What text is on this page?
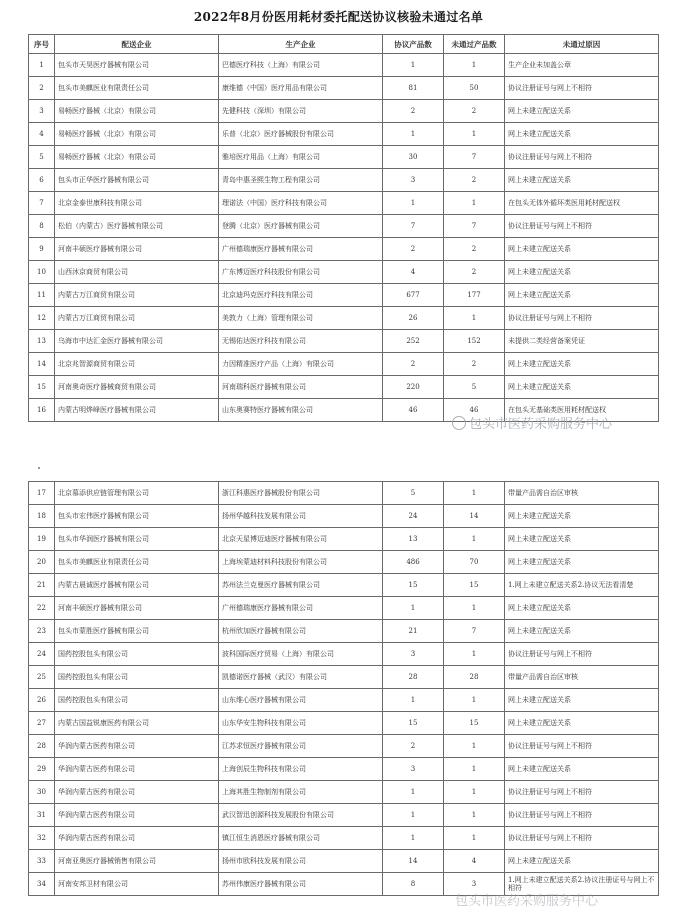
2022年8月份医用耗材委托配送协议核验未通过名单
序号	配送企业	生产企业	协议产品数	未通过产品数	未通过原因
1	包头市天昊医疗器械有限公司	巴德医疗科技（上海）有限公司	1	1	生产企业未加盖公章
2	包头市美麒医业有限责任公司	康维德（中国）医疗用品有限公司	81	50	协议注册证号与网上不相符
3	易畅医疗器械（北京）有限公司	先健科技（深圳）有限公司	2	2	网上未建立配送关系
4	易畅医疗器械（北京）有限公司	乐普（北京）医疗器械股份有限公司	1	1	网上未建立配送关系
5	易畅医疗器械（北京）有限公司	雅培医疗用品（上海）有限公司	30	7	协议注册证号与网上不相符
6	包头市正华医疗器械有限公司	青岛中惠圣熙生物工程有限公司	3	2	网上未建立配送关系
7	北京金泰世康科技有限公司	理诺法（中国）医疗科技有限公司	1	1	在包头无体外循环类医用耗材配送权
8	松伯（内蒙古）医疗器械有限公司	登腾（北京）医疗器械有限公司	7	7	协议注册证号与网上不相符
9	河南丰硕医疗器械有限公司	广州德瑞康医疗器械有限公司	2	2	网上未建立配送关系
10	山西沐京商贸有限公司	广东博迈医疗科技股份有限公司	4	2	网上未建立配送关系
11	内蒙古万江商贸有限公司	北京迪玛克医疗科技有限公司	677	177	网上未建立配送关系
12	内蒙古万江商贸有限公司	美敦力（上海）管理有限公司	26	1	协议注册证号与网上不相符
13	乌海市中达汇金医疗器械有限公司	无锡佑达医疗科技有限公司	252	152	未提供二类经营备案凭证
14	北京兆智源商贸有限公司	力因精准医疗产品（上海）有限公司	2	2	网上未建立配送关系
15	河南奥奇医疗器械商贸有限公司	河南瑞科医疗器械有限公司	220	5	网上未建立配送关系
16	内蒙古明烨峰医疗器械有限公司	山东奥赛特医疗器械有限公司	46	46	在包头无基础类医用耗材配送权
包头市医药采购服务中心
17	北京慕添供应链管理有限公司	浙江科惠医疗器械股份有限公司	5	1	带量产品需自治区审核
18	包头市宏伟医疗器械有限公司	扬州华越科技发展有限公司	24	14	网上未建立配送关系
19	包头市华润医疗器械有限公司	北京天星博迈迪医疗器械有限公司	13	1	网上未建立配送关系
20	包头市美麒医业有限责任公司	上海埃蒙迪材料科技股份有限公司	486	70	网上未建立配送关系
21	内蒙古晨诚医疗器械有限公司	苏州法兰克曼医疗器械有限公司	15	15	1.网上未建立配送关系2.协议无法看清楚
22	河南丰硕医疗器械有限公司	广州德瑞康医疗器械有限公司	1	1	网上未建立配送关系
23	包头市蒙胜医疗器械有限公司	杭州欣加医疗器械有限公司	21	7	网上未建立配送关系
24	国药控股包头有限公司	波科国际医疗贸易（上海）有限公司	3	1	协议注册证号与网上不相符
25	国药控股包头有限公司	凯德诺医疗器械（武汉）有限公司	28	28	带量产品需自治区审核
26	国药控股包头有限公司	山东维心医疗器械有限公司	1	1	网上未建立配送关系
27	内蒙古国益锐康医药有限公司	山东华安生物科技有限公司	15	15	网上未建立配送关系
28	华润内蒙古医药有限公司	江苏求恒医疗器械有限公司	2	1	协议注册证号与网上不相符
29	华润内蒙古医药有限公司	上海创辰生物科技有限公司	3	1	网上未建立配送关系
30	华润内蒙古医药有限公司	上海其胜生物制剂有限公司	1	1	协议注册证号与网上不相符
31	华润内蒙古医药有限公司	武汉智迅创源科技发展股份有限公司	1	1	协议注册证号与网上不相符
32	华润内蒙古医药有限公司	镇江恒生消恩医疗器械有限公司	1	1	协议注册证号与网上不相符
33	河南亚奥医疗器械销售有限公司	扬州市欧科技发展有限公司	14	4	网上未建立配送关系
34	河南安邦卫材有限公司	苏州伟康医疗器械有限公司	8	3	1.网上未建立配送关系2.协议注册证号与网上不相符
包头市医药采购服务中心
